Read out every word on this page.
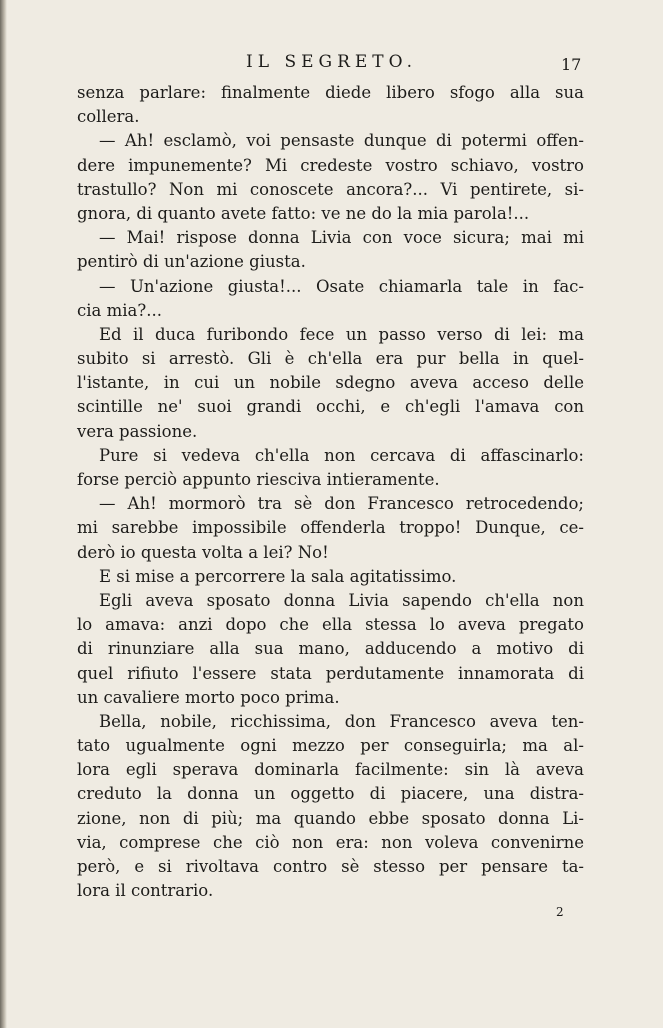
IL SEGRETO.	17
senza parlare: finalmente diede libero sfogo alla sua
collera.
— Ah! esclamò, voi pensaste dunque di potermi offen-
dere impunemente? Mi credeste vostro schiavo, vostro
trastullo? Non mi conoscete ancora?... Vi pentirete, si-
gnora, di quanto avete fatto: ve ne do la mia parola!...
— Mai! rispose donna Livia con voce sicura; mai mi
pentirò di un'azione giusta.
— Un'azione giusta!... Osate chiamarla tale in fac-
cia mia?...
Ed il duca furibondo fece un passo verso di lei: ma
subito si arrestò. Gli è ch'ella era pur bella in quel-
l'istante, in cui un nobile sdegno aveva acceso delle
scintille ne' suoi grandi occhi, e ch'egli l'amava con
vera passione.
Pure si vedeva ch'ella non cercava di affascinarlo:
forse perciò appunto riesciva intieramente.
— Ah! mormorò tra sè don Francesco retrocedendo;
mi sarebbe impossibile offenderla troppo! Dunque, ce-
derò io questa volta a lei? No!
E si mise a percorrere la sala agitatissimo.
Egli aveva sposato donna Livia sapendo ch'ella non
lo amava: anzi dopo che ella stessa lo aveva pregato
di rinunziare alla sua mano, adducendo a motivo di
quel rifiuto l'essere stata perdutamente innamorata di
un cavaliere morto poco prima.
Bella, nobile, ricchissima, don Francesco aveva ten-
tato ugualmente ogni mezzo per conseguirla; ma al-
lora egli sperava dominarla facilmente: sin là aveva
creduto la donna un oggetto di piacere, una distra-
zione, non di più; ma quando ebbe sposato donna Li-
via, comprese che ciò non era: non voleva convenirne
però, e si rivoltava contro sè stesso per pensare ta-
lora il contrario.
2
